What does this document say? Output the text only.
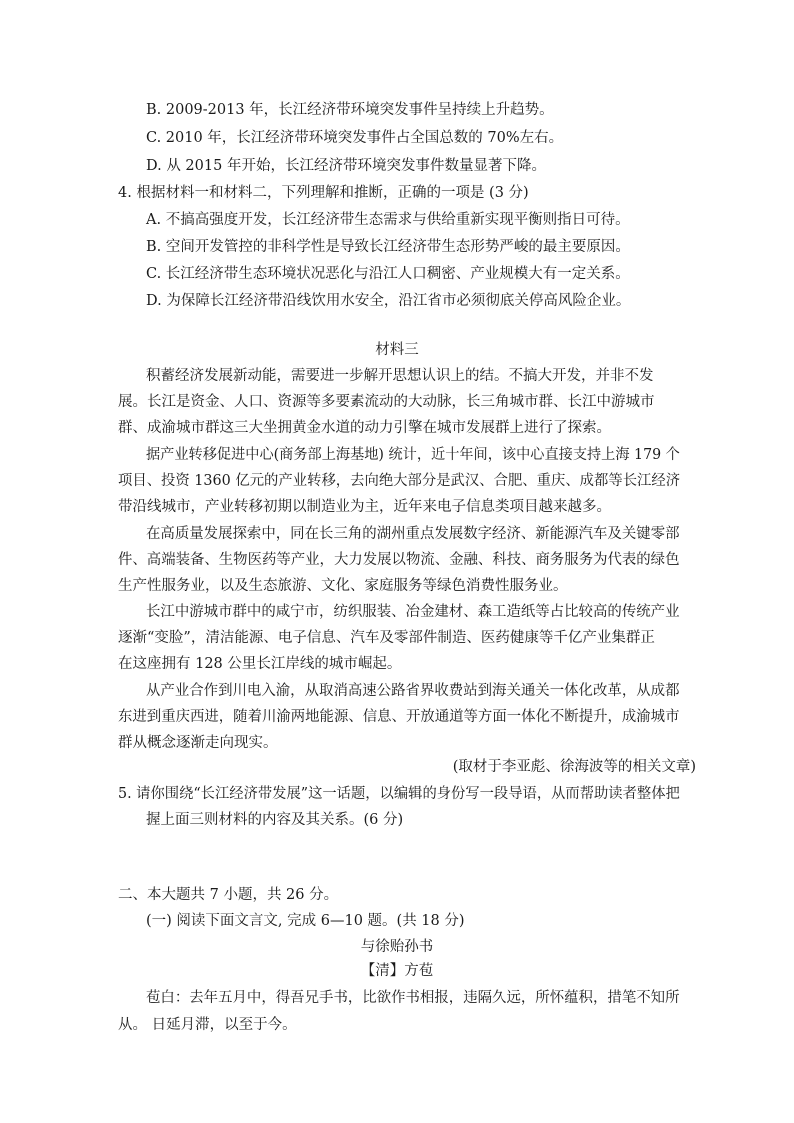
B. 2009-2013 年，长江经济带环境突发事件呈持续上升趋势。
C. 2010 年，长江经济带环境突发事件占全国总数的 70%左右。
D. 从 2015 年开始，长江经济带环境突发事件数量显著下降。
4. 根据材料一和材料二，下列理解和推断，正确的一项是 (3 分)
A. 不搞高强度开发，长江经济带生态需求与供给重新实现平衡则指日可待。
B. 空间开发管控的非科学性是导致长江经济带生态形势严峻的最主要原因。
C. 长江经济带生态环境状况恶化与沿江人口稠密、产业规模大有一定关系。
D. 为保障长江经济带沿线饮用水安全，沿江省市必须彻底关停高风险企业。
材料三
积蓄经济发展新动能，需要进一步解开思想认识上的结。不搞大开发，并非不发
展。长江是资金、人口、资源等多要素流动的大动脉，长三角城市群、长江中游城市
群、成渝城市群这三大坐拥黄金水道的动力引擎在城市发展群上进行了探索。
据产业转移促进中心(商务部上海基地) 统计，近十年间，该中心直接支持上海 179 个
项目、投资 1360 亿元的产业转移，去向绝大部分是武汉、合肥、重庆、成都等长江经济
带沿线城市，产业转移初期以制造业为主，近年来电子信息类项目越来越多。
在高质量发展探索中，同在长三角的湖州重点发展数字经济、新能源汽车及关键零部
件、高端装备、生物医药等产业，大力发展以物流、金融、科技、商务服务为代表的绿色
生产性服务业，以及生态旅游、文化、家庭服务等绿色消费性服务业。
长江中游城市群中的咸宁市，纺织服装、冶金建材、森工造纸等占比较高的传统产业
逐渐“变脸”，清洁能源、电子信息、汽车及零部件制造、医药健康等千亿产业集群正
在这座拥有 128 公里长江岸线的城市崛起。
从产业合作到川电入渝，从取消高速公路省界收费站到海关通关一体化改革，从成都
东进到重庆西进，随着川渝两地能源、信息、开放通道等方面一体化不断提升，成渝城市
群从概念逐渐走向现实。
(取材于李亚彪、徐海波等的相关文章)
5. 请你围绕“长江经济带发展”这一话题，以编辑的身份写一段导语，从而帮助读者整体把
握上面三则材料的内容及其关系。(6 分)
二、本大题共 7 小题，共 26 分。
(一) 阅读下面文言文, 完成 6—10 题。(共 18 分)
与徐贻孙书
【清】方苞
苞白：去年五月中，得吾兄手书，比欲作书相报，违隔久远，所怀蕴积，措笔不知所
从。 日延月滞，以至于今。
